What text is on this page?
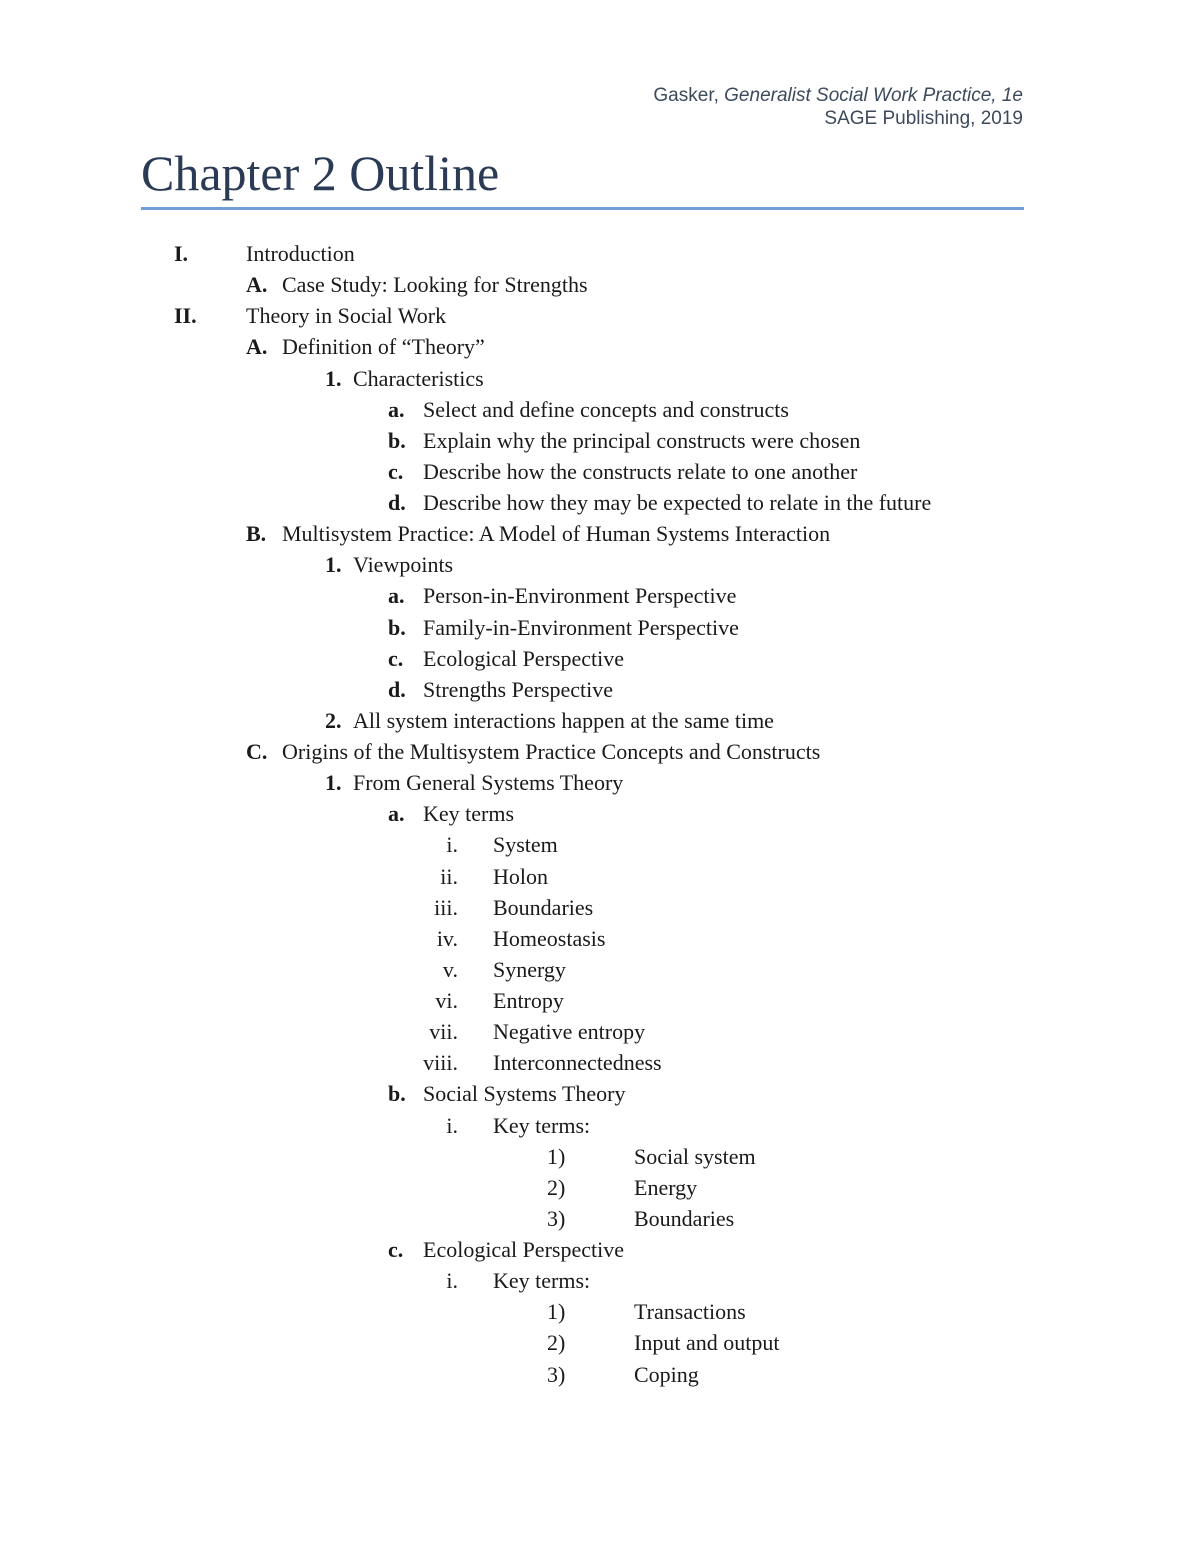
Gasker, Generalist Social Work Practice, 1e
SAGE Publishing, 2019
Chapter 2 Outline
I.	Introduction
A. Case Study: Looking for Strengths
II. Theory in Social Work
A. Definition of “Theory”
1. Characteristics
a. Select and define concepts and constructs
b. Explain why the principal constructs were chosen
c. Describe how the constructs relate to one another
d. Describe how they may be expected to relate in the future
B. Multisystem Practice: A Model of Human Systems Interaction
1. Viewpoints
a. Person-in-Environment Perspective
b. Family-in-Environment Perspective
c. Ecological Perspective
d. Strengths Perspective
2. All system interactions happen at the same time
C. Origins of the Multisystem Practice Concepts and Constructs
1. From General Systems Theory
a. Key terms
i. System
ii. Holon
iii. Boundaries
iv. Homeostasis
v. Synergy
vi. Entropy
vii. Negative entropy
viii. Interconnectedness
b. Social Systems Theory
i. Key terms:
1)	Social system
2)	Energy
3)	Boundaries
c. Ecological Perspective
i. Key terms:
1)	Transactions
2)	Input and output
3)	Coping
